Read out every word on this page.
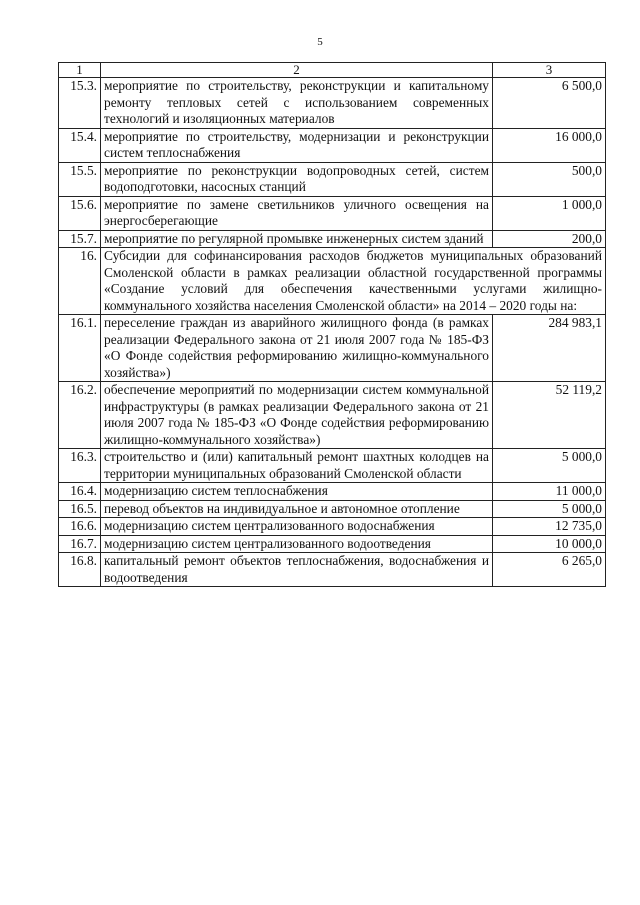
5
1	2	3
15.3.	мероприятие по строительству, реконструкции и капитальному ремонту тепловых сетей с использованием современных технологий и изоляционных материалов	6 500,0
15.4.	мероприятие по строительству, модернизации и реконструкции систем теплоснабжения	16 000,0
15.5.	мероприятие по реконструкции водопроводных сетей, систем водоподготовки, насосных станций	500,0
15.6.	мероприятие по замене светильников уличного освещения на энергосберегающие	1 000,0
15.7.	мероприятие по регулярной промывке инженерных систем зданий	200,0
16.	Субсидии для софинансирования расходов бюджетов муниципальных образований Смоленской области в рамках реализации областной государственной программы «Создание условий для обеспечения качественными услугами жилищно-коммунального хозяйства населения Смоленской области» на 2014 – 2020 годы на:	
16.1.	переселение граждан из аварийного жилищного фонда (в рамках реализации Федерального закона от 21 июля 2007 года № 185-ФЗ «О Фонде содействия реформированию жилищно-коммунального хозяйства»)	284 983,1
16.2.	обеспечение мероприятий по модернизации систем коммунальной инфраструктуры (в рамках реализации Федерального закона от 21 июля 2007 года № 185-ФЗ «О Фонде содействия реформированию жилищно-коммунального хозяйства»)	52 119,2
16.3.	строительство и (или) капитальный ремонт шахтных колодцев на территории муниципальных образований Смоленской области	5 000,0
16.4.	модернизацию систем теплоснабжения	11 000,0
16.5.	перевод объектов на индивидуальное и автономное отопление	5 000,0
16.6.	модернизацию систем централизованного водоснабжения	12 735,0
16.7.	модернизацию систем централизованного водоотведения	10 000,0
16.8.	капитальный ремонт объектов теплоснабжения, водоснабжения и водоотведения	6 265,0
